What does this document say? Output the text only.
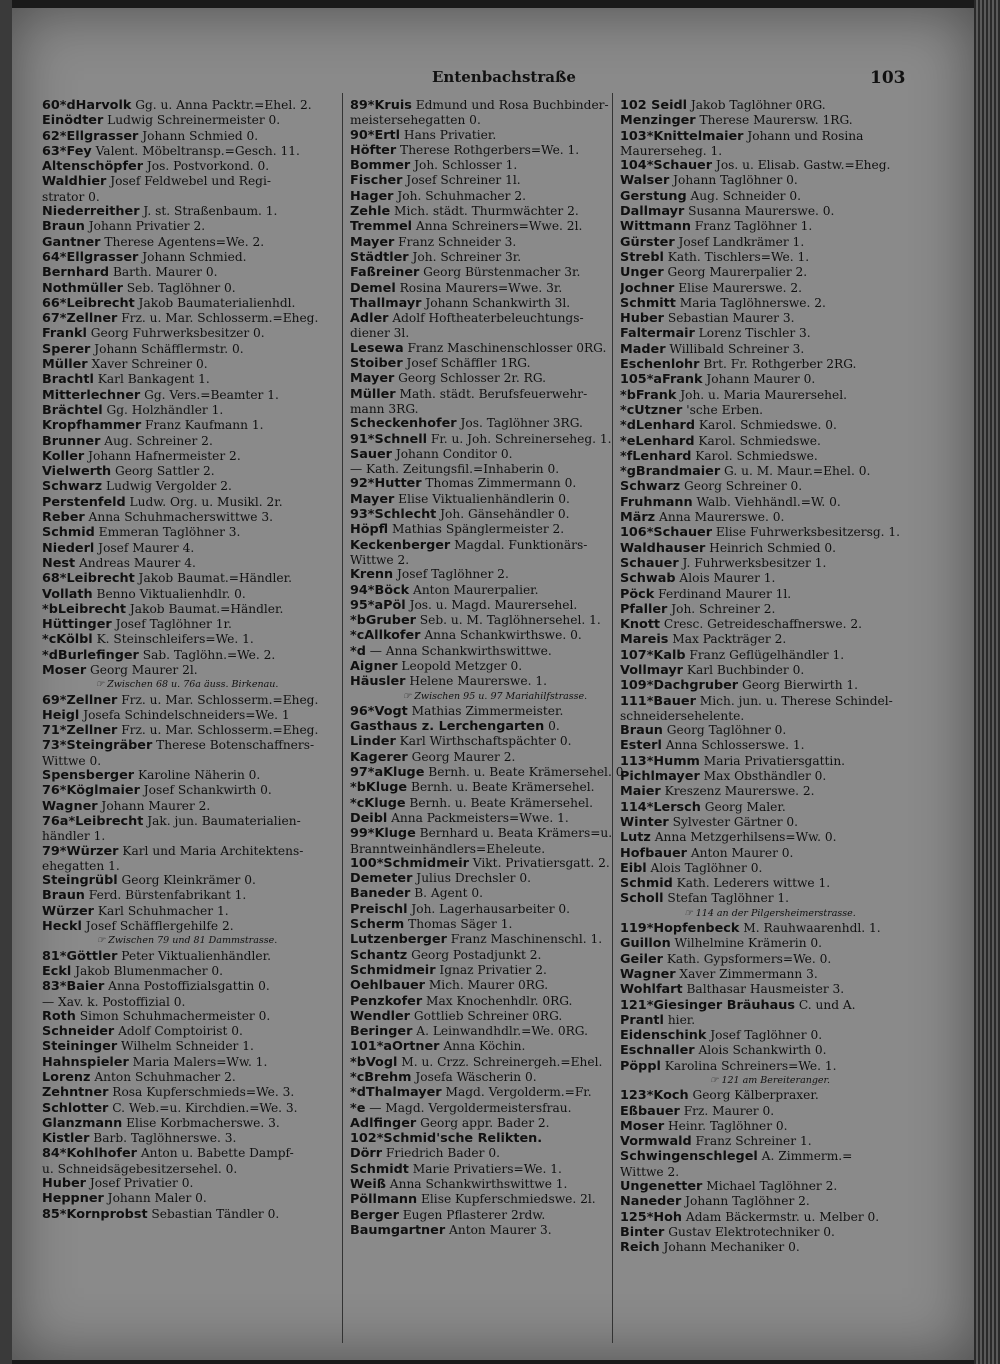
Entenbachstraße	103
60*dHarvolk Gg. u. Anna Packtr.=Ehel. 2.
Einödter Ludwig Schreinermeister 0.
62*Ellgrasser Johann Schmied 0.
63*Fey Valent. Möbeltransp.=Gesch. 11.
Altenschöpfer Jos. Postvorkond. 0.
Waldhier Josef Feldwebel und Regi-
strator 0.
Niederreither J. st. Straßenbaum. 1.
Braun Johann Privatier 2.
Gantner Therese Agentens=We. 2.
64*Ellgrasser Johann Schmied.
Bernhard Barth. Maurer 0.
Nothmüller Seb. Taglöhner 0.
66*Leibrecht Jakob Baumaterialienhdl.
67*Zellner Frz. u. Mar. Schlosserm.=Eheg.
Frankl Georg Fuhrwerksbesitzer 0.
Sperer Johann Schäfflermstr. 0.
Müller Xaver Schreiner 0.
Brachtl Karl Bankagent 1.
Mitterlechner Gg. Vers.=Beamter 1.
Brächtel Gg. Holzhändler 1.
Kropfhammer Franz Kaufmann 1.
Brunner Aug. Schreiner 2.
Koller Johann Hafnermeister 2.
Vielwerth Georg Sattler 2.
Schwarz Ludwig Vergolder 2.
Perstenfeld Ludw. Org. u. Musikl. 2r.
Reber Anna Schuhmacherswittwe 3.
Schmid Emmeran Taglöhner 3.
Niederl Josef Maurer 4.
Nest Andreas Maurer 4.
68*Leibrecht Jakob Baumat.=Händler.
Vollath Benno Viktualienhdlr. 0.
*bLeibrecht Jakob Baumat.=Händler.
Hüttinger Josef Taglöhner 1r.
*cKölbl K. Steinschleifers=We. 1.
*dBurlefinger Sab. Taglöhn.=We. 2.
Moser Georg Maurer 2l.
☞ Zwischen 68 u. 76a äuss. Birkenau.
69*Zellner Frz. u. Mar. Schlosserm.=Eheg.
Heigl Josefa Schindelschneiders=We. 1
71*Zellner Frz. u. Mar. Schlosserm.=Eheg.
73*Steingräber Therese Botenschaffners-
Wittwe 0.
Spensberger Karoline Näherin 0.
76*Köglmaier Josef Schankwirth 0.
Wagner Johann Maurer 2.
76a*Leibrecht Jak. jun. Baumaterialien-
händler 1.
79*Würzer Karl und Maria Architektens-
ehegatten 1.
Steingrübl Georg Kleinkrämer 0.
Braun Ferd. Bürstenfabrikant 1.
Würzer Karl Schuhmacher 1.
Heckl Josef Schäfflergehilfe 2.
☞ Zwischen 79 und 81 Dammstrasse.
81*Göttler Peter Viktualienhändler.
Eckl Jakob Blumenmacher 0.
83*Baier Anna Postoffizialsgattin 0.
— Xav. k. Postoffizial 0.
Roth Simon Schuhmachermeister 0.
Schneider Adolf Comptoirist 0.
Steininger Wilhelm Schneider 1.
Hahnspieler Maria Malers=Ww. 1.
Lorenz Anton Schuhmacher 2.
Zehntner Rosa Kupferschmieds=We. 3.
Schlotter C. Web.=u. Kirchdien.=We. 3.
Glanzmann Elise Korbmacherswe. 3.
Kistler Barb. Taglöhnerswe. 3.
84*Kohlhofer Anton u. Babette Dampf-
u. Schneidsägebesitzersehel. 0.
Huber Josef Privatier 0.
Heppner Johann Maler 0.
85*Kornprobst Sebastian Tändler 0.
89*Kruis Edmund und Rosa Buchbinder-
meistersehegatten 0.
90*Ertl Hans Privatier.
Höfter Therese Rothgerbers=We. 1.
Bommer Joh. Schlosser 1.
Fischer Josef Schreiner 1l.
Hager Joh. Schuhmacher 2.
Zehle Mich. städt. Thurmwächter 2.
Tremmel Anna Schreiners=Wwe. 2l.
Mayer Franz Schneider 3.
Städtler Joh. Schreiner 3r.
Faßreiner Georg Bürstenmacher 3r.
Demel Rosina Maurers=Wwe. 3r.
Thallmayr Johann Schankwirth 3l.
Adler Adolf Hoftheaterbeleuchtungs-
diener 3l.
Lesewa Franz Maschinenschlosser 0RG.
Stoiber Josef Schäffler 1RG.
Mayer Georg Schlosser 2r. RG.
Müller Math. städt. Berufsfeuerwehr-
mann 3RG.
Scheckenhofer Jos. Taglöhner 3RG.
91*Schnell Fr. u. Joh. Schreinerseheg. 1.
Sauer Johann Conditor 0.
— Kath. Zeitungsfil.=Inhaberin 0.
92*Hutter Thomas Zimmermann 0.
Mayer Elise Viktualienhändlerin 0.
93*Schlecht Joh. Gänsehändler 0.
Höpfl Mathias Spänglermeister 2.
Keckenberger Magdal. Funktionärs-
Wittwe 2.
Krenn Josef Taglöhner 2.
94*Böck Anton Maurerpalier.
95*aPöl Jos. u. Magd. Maurersehel.
*bGruber Seb. u. M. Taglöhnersehel. 1.
*cAllkofer Anna Schankwirthswe. 0.
*d — Anna Schankwirthswittwe.
Aigner Leopold Metzger 0.
Häusler Helene Maurerswe. 1.
☞ Zwischen 95 u. 97 Mariahilfstrasse.
96*Vogt Mathias Zimmermeister.
Gasthaus z. Lerchengarten 0.
Linder Karl Wirthschaftspächter 0.
Kagerer Georg Maurer 2.
97*aKluge Bernh. u. Beate Krämersehel. 0.
*bKluge Bernh. u. Beate Krämersehel.
*cKluge Bernh. u. Beate Krämersehel.
Deibl Anna Packmeisters=Wwe. 1.
99*Kluge Bernhard u. Beata Krämers=u.
Branntweinhändlers=Eheleute.
100*Schmidmeir Vikt. Privatiersgatt. 2.
Demeter Julius Drechsler 0.
Baneder B. Agent 0.
Preischl Joh. Lagerhausarbeiter 0.
Scherm Thomas Säger 1.
Lutzenberger Franz Maschinenschl. 1.
Schantz Georg Postadjunkt 2.
Schmidmeir Ignaz Privatier 2.
Oehlbauer Mich. Maurer 0RG.
Penzkofer Max Knochenhdlr. 0RG.
Wendler Gottlieb Schreiner 0RG.
Beringer A. Leinwandhdlr.=We. 0RG.
101*aOrtner Anna Köchin.
*bVogl M. u. Crzz. Schreinergeh.=Ehel.
*cBrehm Josefa Wäscherin 0.
*dThalmayer Magd. Vergolderm.=Fr.
*e — Magd. Vergoldermeistersfrau.
Adlfinger Georg appr. Bader 2.
102*Schmid'sche Relikten.
Dörr Friedrich Bader 0.
Schmidt Marie Privatiers=We. 1.
Weiß Anna Schankwirthswittwe 1.
Pöllmann Elise Kupferschmiedswe. 2l.
Berger Eugen Pflasterer 2rdw.
Baumgartner Anton Maurer 3.
102 Seidl Jakob Taglöhner 0RG.
Menzinger Therese Maurersw. 1RG.
103*Knittelmaier Johann und Rosina
Maurerseheg. 1.
104*Schauer Jos. u. Elisab. Gastw.=Eheg.
Walser Johann Taglöhner 0.
Gerstung Aug. Schneider 0.
Dallmayr Susanna Maurerswe. 0.
Wittmann Franz Taglöhner 1.
Gürster Josef Landkrämer 1.
Strebl Kath. Tischlers=We. 1.
Unger Georg Maurerpalier 2.
Jochner Elise Maurerswe. 2.
Schmitt Maria Taglöhnerswe. 2.
Huber Sebastian Maurer 3.
Faltermair Lorenz Tischler 3.
Mader Willibald Schreiner 3.
Eschenlohr Brt. Fr. Rothgerber 2RG.
105*aFrank Johann Maurer 0.
*bFrank Joh. u. Maria Maurersehel.
*cUtzner 'sche Erben.
*dLenhard Karol. Schmiedswe. 0.
*eLenhard Karol. Schmiedswe.
*fLenhard Karol. Schmiedswe.
*gBrandmaier G. u. M. Maur.=Ehel. 0.
Schwarz Georg Schreiner 0.
Fruhmann Walb. Viehhändl.=W. 0.
März Anna Maurerswe. 0.
106*Schauer Elise Fuhrwerksbesitzersg. 1.
Waldhauser Heinrich Schmied 0.
Schauer J. Fuhrwerksbesitzer 1.
Schwab Alois Maurer 1.
Pöck Ferdinand Maurer 1l.
Pfaller Joh. Schreiner 2.
Knott Cresc. Getreideschaffnerswe. 2.
Mareis Max Packträger 2.
107*Kalb Franz Geflügelhändler 1.
Vollmayr Karl Buchbinder 0.
109*Dachgruber Georg Bierwirth 1.
111*Bauer Mich. jun. u. Therese Schindel-
schneidersehelente.
Braun Georg Taglöhner 0.
Esterl Anna Schlosserswe. 1.
113*Humm Maria Privatiersgattin.
Pichlmayer Max Obsthändler 0.
Maier Kreszenz Maurerswe. 2.
114*Lersch Georg Maler.
Winter Sylvester Gärtner 0.
Lutz Anna Metzgerhilsens=Ww. 0.
Hofbauer Anton Maurer 0.
Eibl Alois Taglöhner 0.
Schmid Kath. Lederers wittwe 1.
Scholl Stefan Taglöhner 1.
☞ 114 an der Pilgersheimerstrasse.
119*Hopfenbeck M. Rauhwaarenhdl. 1.
Guillon Wilhelmine Krämerin 0.
Geiler Kath. Gypsformers=We. 0.
Wagner Xaver Zimmermann 3.
Wohlfart Balthasar Hausmeister 3.
121*Giesinger Bräuhaus C. und A.
Prantl hier.
Eidenschink Josef Taglöhner 0.
Eschnaller Alois Schankwirth 0.
Pöppl Karolina Schreiners=We. 1.
☞ 121 am Bereiteranger.
123*Koch Georg Kälberpraxer.
Eßbauer Frz. Maurer 0.
Moser Heinr. Taglöhner 0.
Vormwald Franz Schreiner 1.
Schwingenschlegel A. Zimmerm.=
Wittwe 2.
Ungenetter Michael Taglöhner 2.
Naneder Johann Taglöhner 2.
125*Hoh Adam Bäckermstr. u. Melber 0.
Binter Gustav Elektrotechniker 0.
Reich Johann Mechaniker 0.
